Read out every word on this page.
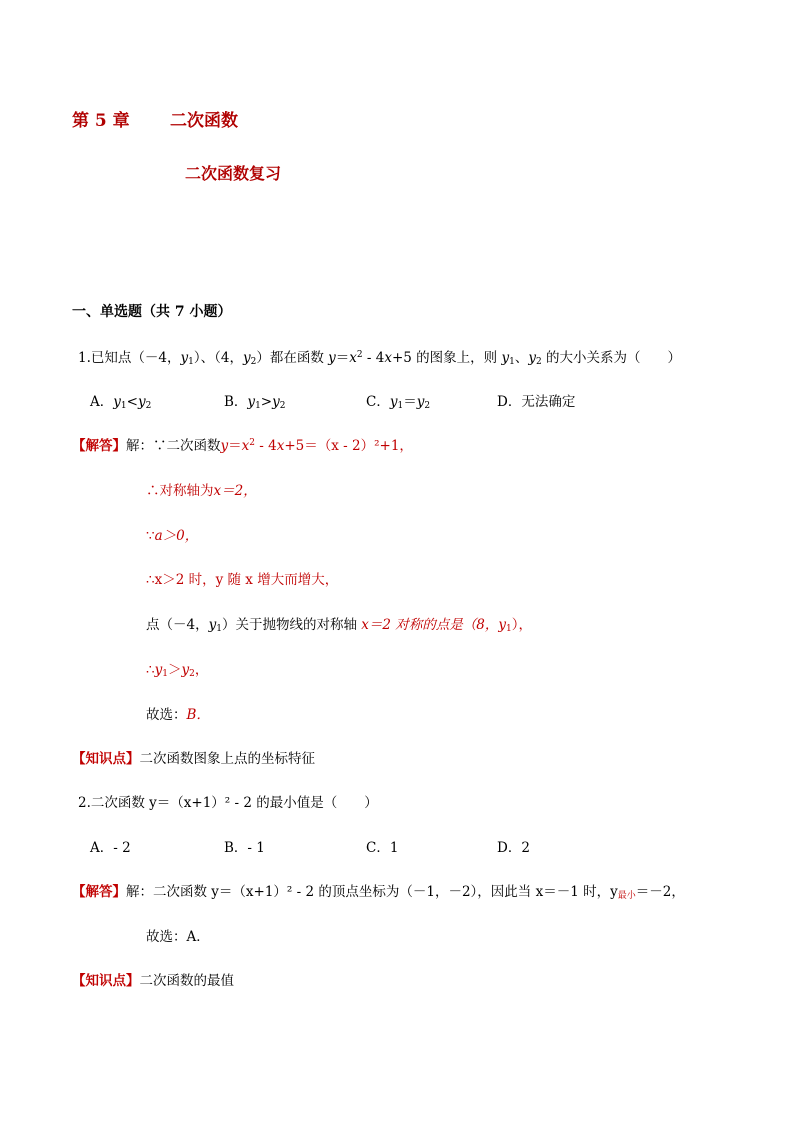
第 5 章 二次函数
二次函数复习
一、单选题（共 7 小题）
1.已知点（－4，$y_1$）、（4，$y_2$）都在函数 $y=x^2 - 4x+5$ 的图象上，则 $y_1$、$y_2$ 的大小关系为（　　）
A．$y_1<y_2$	B．$y_1>y_2$	C．$y_1=y_2$	D．无法确定
【解答】解：∵二次函数$y=x^2 - 4x+5=(x - 2)^2+1$，
∴对称轴为x＝2，
∵a＞0，
∴x＞2 时，y 随 x 增大而增大，
点（－4，$y_1$）关于抛物线的对称轴 x＝2 对称的点是（8，$y_1$），
$\therefore y_1>y_2$，
故选：B．
【知识点】二次函数图象上点的坐标特征
2.二次函数 y＝（x+1）² - 2 的最小值是（　　）
A．- 2	B．- 1	C．1	D．2
【解答】解：二次函数 y＝（x+1）² - 2 的顶点坐标为（－1，－2），因此当 x＝－1 时，$y_{最小}=-2$，
故选：A．
【知识点】二次函数的最值
